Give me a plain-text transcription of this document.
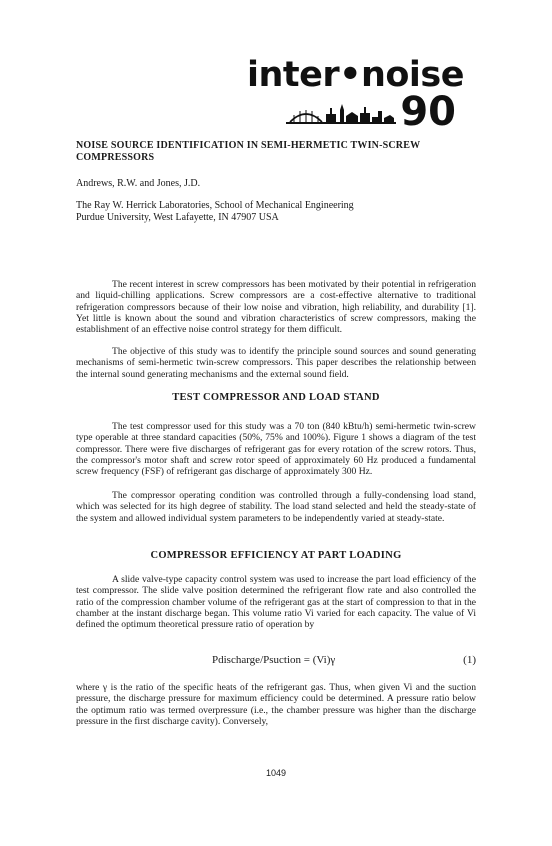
inter•noise
90
NOISE SOURCE IDENTIFICATION IN SEMI-HERMETIC TWIN-SCREW COMPRESSORS
Andrews, R.W. and Jones, J.D.
The Ray W. Herrick Laboratories, School of Mechanical Engineering
Purdue University, West Lafayette, IN 47907 USA

The recent interest in screw compressors has been motivated by their potential in refrigeration and liquid-chilling applications. Screw compressors are a cost-effective alternative to traditional refrigeration compressors because of their low noise and vibration, high reliability, and durability [1]. Yet little is known about the sound and vibration characteristics of screw compressors, making the establishment of an effective noise control strategy for them difficult.

The objective of this study was to identify the principle sound sources and sound generating mechanisms of semi-hermetic twin-screw compressors. This paper describes the relationship between the internal sound generating mechanisms and the external sound field.

TEST COMPRESSOR AND LOAD STAND

The test compressor used for this study was a 70 ton (840 kBtu/h) semi-hermetic twin-screw type operable at three standard capacities (50%, 75% and 100%). Figure 1 shows a diagram of the test compressor. There were five discharges of refrigerant gas for every rotation of the screw rotors. Thus, the compressor's motor shaft and screw rotor speed of approximately 60 Hz produced a fundamental screw frequency (FSF) of refrigerant gas discharge of approximately 300 Hz.

The compressor operating condition was controlled through a fully-condensing load stand, which was selected for its high degree of stability. The load stand selected and held the steady-state of the system and allowed individual system parameters to be independently varied at steady-state.

COMPRESSOR EFFICIENCY AT PART LOADING

A slide valve-type capacity control system was used to increase the part load efficiency of the test compressor. The slide valve position determined the refrigerant flow rate and also controlled the ratio of the compression chamber volume of the refrigerant gas at the start of compression to that in the chamber at the instant discharge began. This volume ratio Vi varied for each capacity. The value of Vi defined the optimum theoretical pressure ratio of operation by

Pdischarge/Psuction = (Vi)γ	(1)

where γ is the ratio of the specific heats of the refrigerant gas. Thus, when given Vi and the suction pressure, the discharge pressure for maximum efficiency could be determined. A pressure ratio below the optimum ratio was termed overpressure (i.e., the chamber pressure was higher than the discharge pressure in the first discharge cavity). Conversely,

1049
